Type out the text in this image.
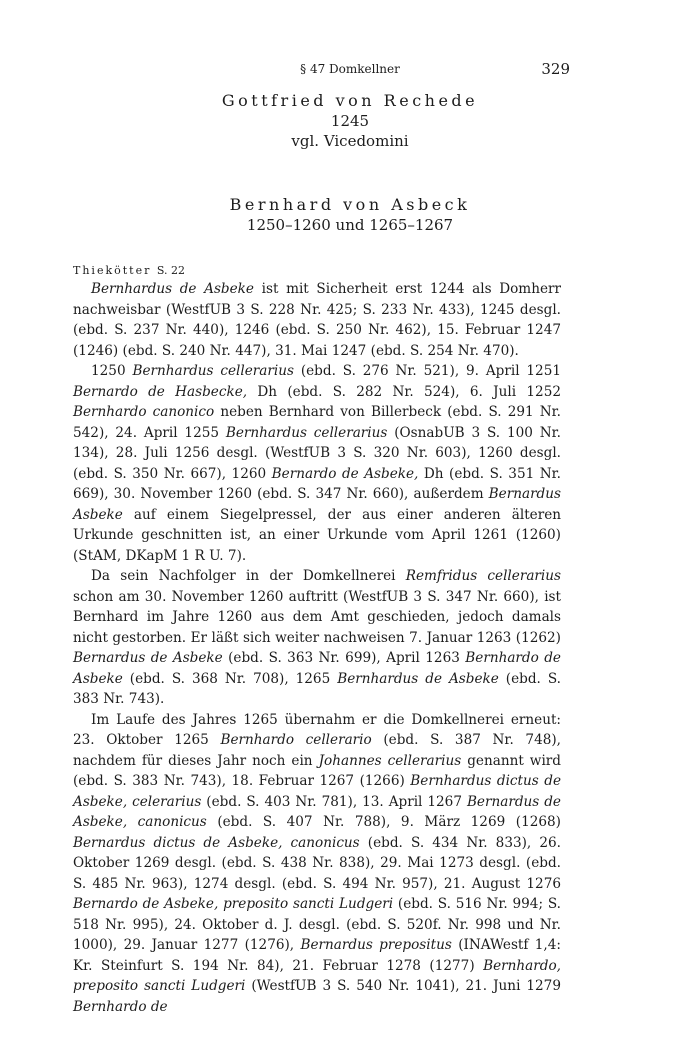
§ 47 Domkellner	329
Gottfried von Rechede
1245
vgl. Vicedomini
Bernhard von Asbeck
1250–1260 und 1265–1267

Thiekötter S. 22

Bernhardus de Asbeke ist mit Sicherheit erst 1244 als Domherr nachweisbar (WestfUB 3 S. 228 Nr. 425; S. 233 Nr. 433), 1245 desgl. (ebd. S. 237 Nr. 440), 1246 (ebd. S. 250 Nr. 462), 15. Februar 1247 (1246) (ebd. S. 240 Nr. 447), 31. Mai 1247 (ebd. S. 254 Nr. 470).

1250 Bernhardus cellerarius (ebd. S. 276 Nr. 521), 9. April 1251 Bernardo de Hasbecke, Dh (ebd. S. 282 Nr. 524), 6. Juli 1252 Bernhardo canonico neben Bernhard von Billerbeck (ebd. S. 291 Nr. 542), 24. April 1255 Bernhardus cellerarius (OsnabUB 3 S. 100 Nr. 134), 28. Juli 1256 desgl. (WestfUB 3 S. 320 Nr. 603), 1260 desgl. (ebd. S. 350 Nr. 667), 1260 Bernardo de Asbeke, Dh (ebd. S. 351 Nr. 669), 30. November 1260 (ebd. S. 347 Nr. 660), außerdem Bernardus Asbeke auf einem Siegelpressel, der aus einer anderen älteren Urkunde geschnitten ist, an einer Urkunde vom April 1261 (1260) (StAM, DKapM 1 R U. 7).

Da sein Nachfolger in der Domkellnerei Remfridus cellerarius schon am 30. November 1260 auftritt (WestfUB 3 S. 347 Nr. 660), ist Bernhard im Jahre 1260 aus dem Amt geschieden, jedoch damals nicht gestorben. Er läßt sich weiter nachweisen 7. Januar 1263 (1262) Bernardus de Asbeke (ebd. S. 363 Nr. 699), April 1263 Bernhardo de Asbeke (ebd. S. 368 Nr. 708), 1265 Bernhardus de Asbeke (ebd. S. 383 Nr. 743).

Im Laufe des Jahres 1265 übernahm er die Domkellnerei erneut: 23. Oktober 1265 Bernhardo cellerario (ebd. S. 387 Nr. 748), nachdem für dieses Jahr noch ein Johannes cellerarius genannt wird (ebd. S. 383 Nr. 743), 18. Februar 1267 (1266) Bernhardus dictus de Asbeke, celerarius (ebd. S. 403 Nr. 781), 13. April 1267 Bernardus de Asbeke, canonicus (ebd. S. 407 Nr. 788), 9. März 1269 (1268) Bernardus dictus de Asbeke, canonicus (ebd. S. 434 Nr. 833), 26. Oktober 1269 desgl. (ebd. S. 438 Nr. 838), 29. Mai 1273 desgl. (ebd. S. 485 Nr. 963), 1274 desgl. (ebd. S. 494 Nr. 957), 21. August 1276 Bernardo de Asbeke, preposito sancti Ludgeri (ebd. S. 516 Nr. 994; S. 518 Nr. 995), 24. Oktober d. J. desgl. (ebd. S. 520f. Nr. 998 und Nr. 1000), 29. Januar 1277 (1276), Bernardus prepositus (INAWestf 1,4: Kr. Steinfurt S. 194 Nr. 84), 21. Februar 1278 (1277) Bernhardo, preposito sancti Ludgeri (WestfUB 3 S. 540 Nr. 1041), 21. Juni 1279 Bernhardo de
